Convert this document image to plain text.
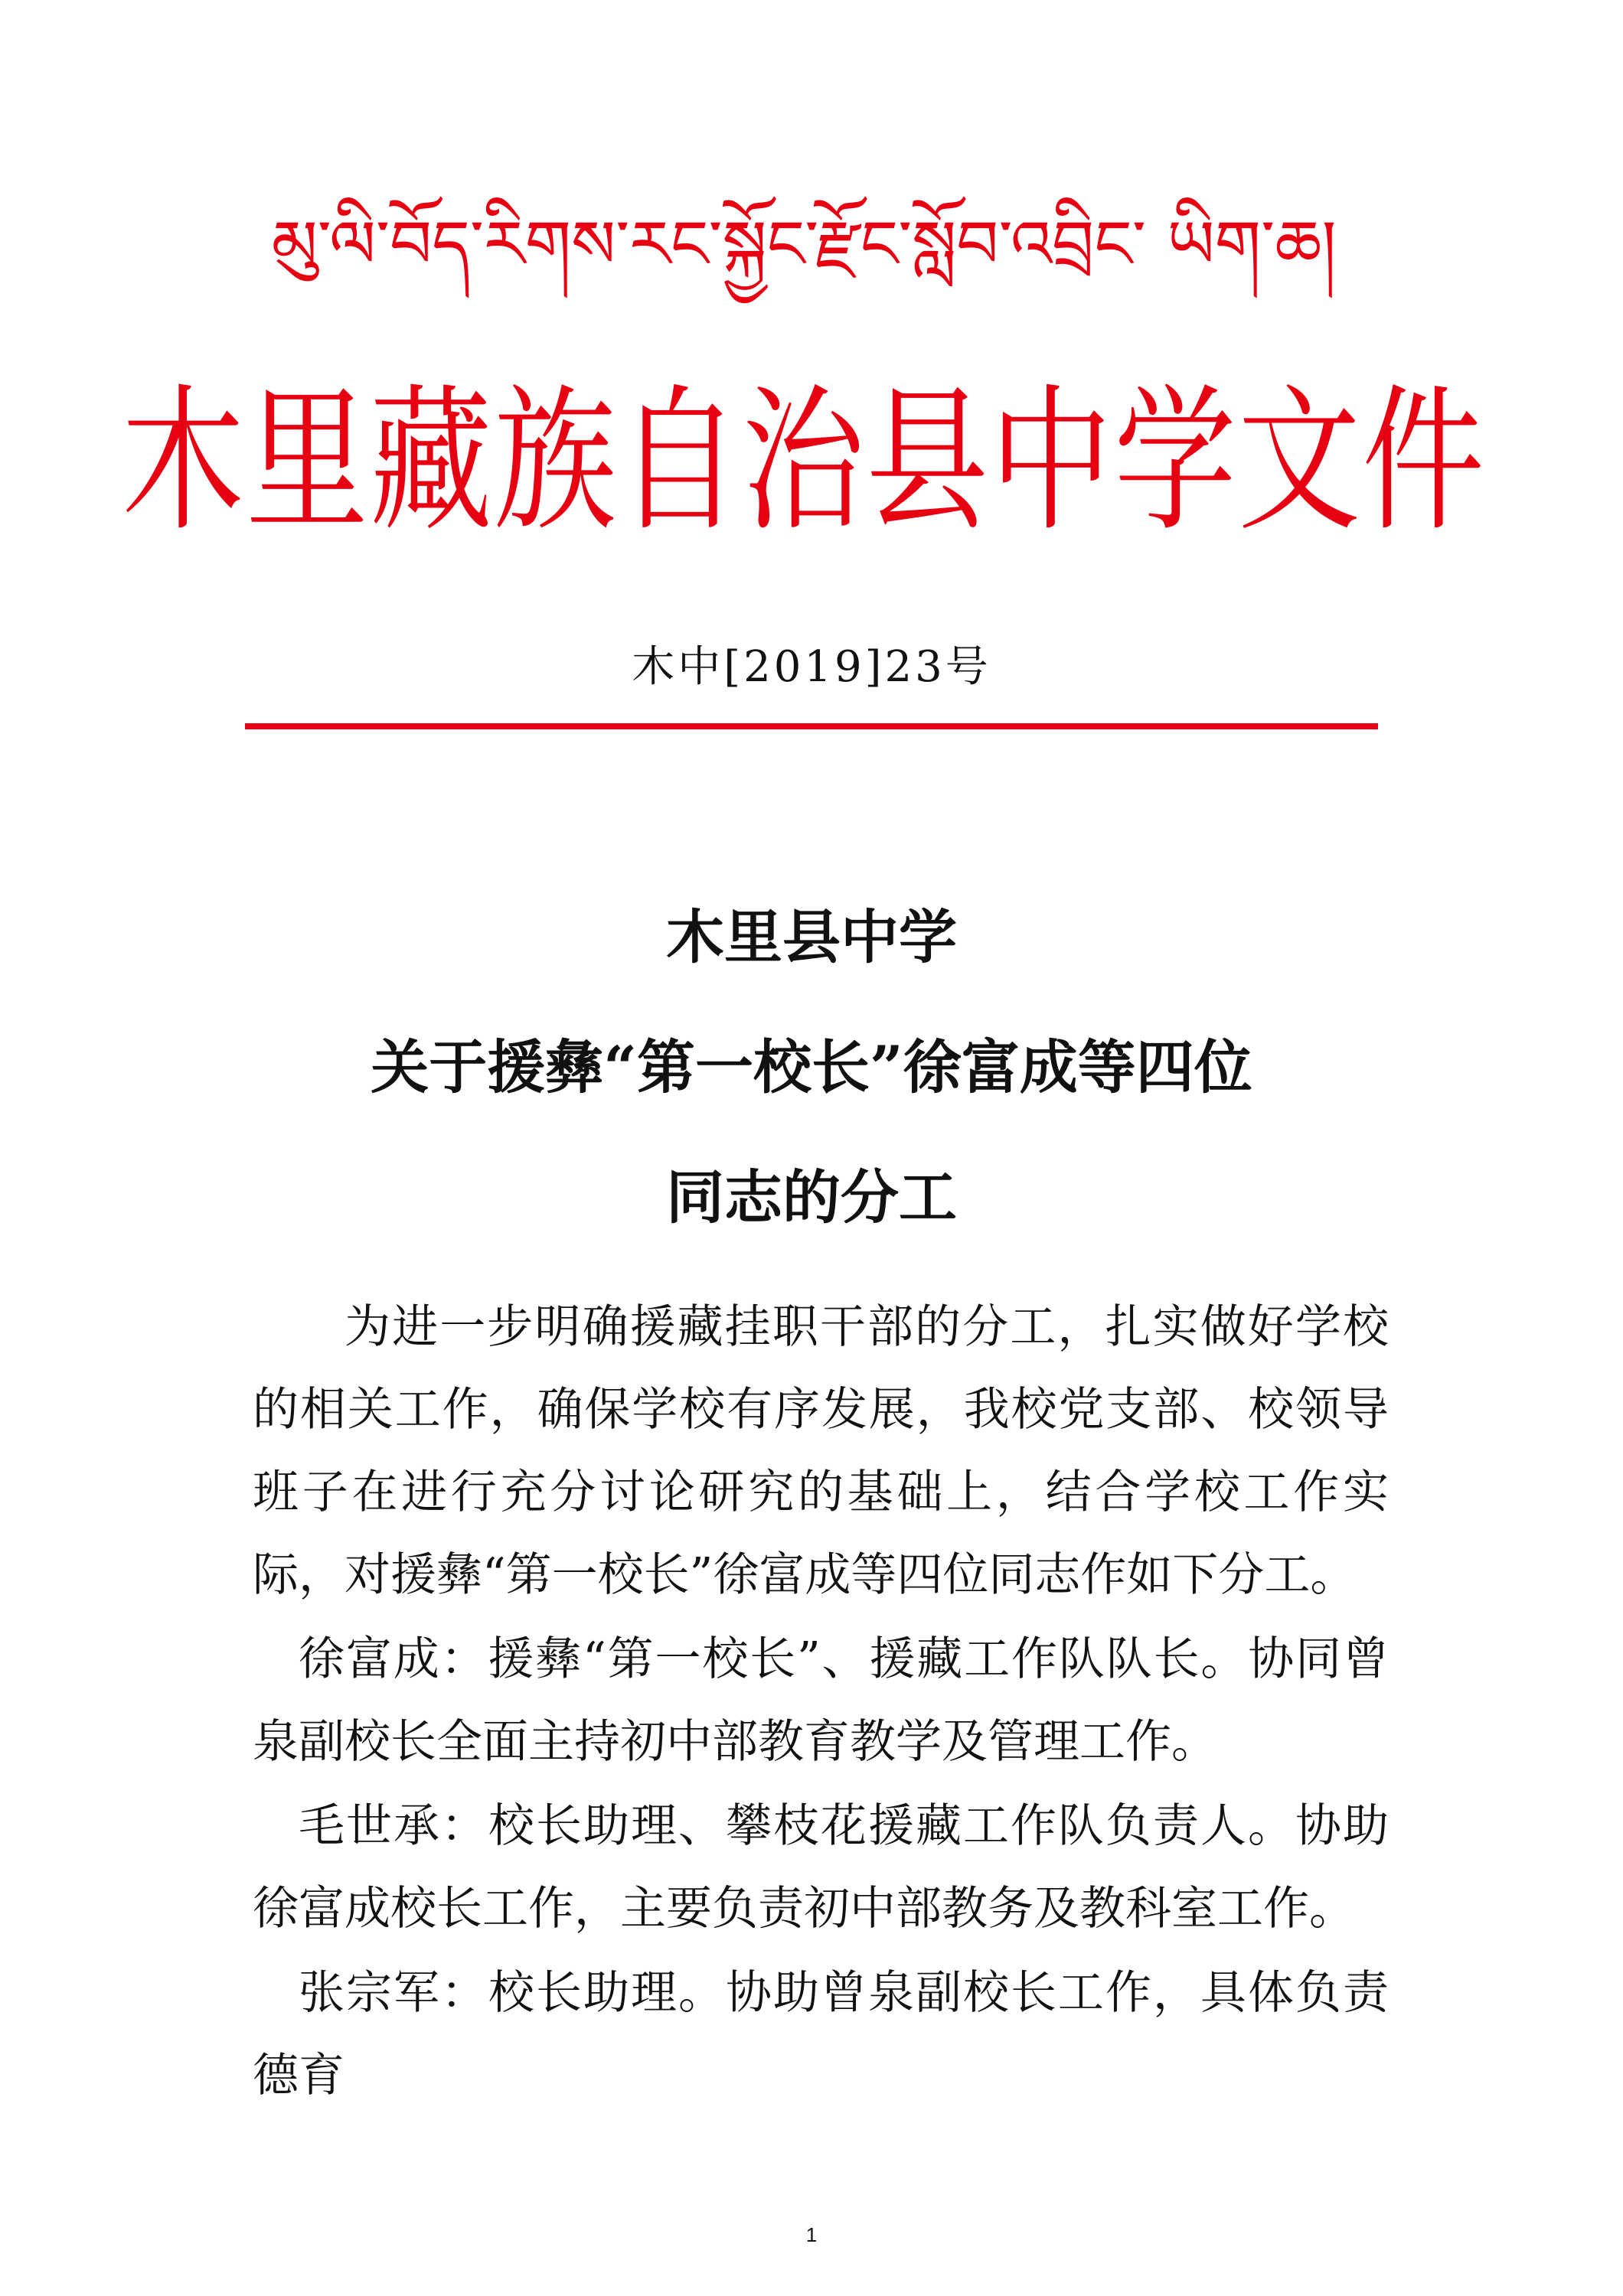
མུ་ལི་བོད་རིགས་རང་སྐྱོང་རྫོང་སློབ་འབྲིང་ ཡིག་ཆ།
木里藏族自治县中学文件
木中[2019]23号
木里县中学
关于援彝“第一校长”徐富成等四位
同志的分工

为进一步明确援藏挂职干部的分工，扎实做好学校的相关工作，确保学校有序发展，我校党支部、校领导班子在进行充分讨论研究的基础上，结合学校工作实际，对援彝“第一校长”徐富成等四位同志作如下分工。

徐富成：援彝“第一校长”、援藏工作队队长。协同曾泉副校长全面主持初中部教育教学及管理工作。

毛世承：校长助理、攀枝花援藏工作队负责人。协助徐富成校长工作，主要负责初中部教务及教科室工作。

张宗军：校长助理。协助曾泉副校长工作，具体负责德育

1
